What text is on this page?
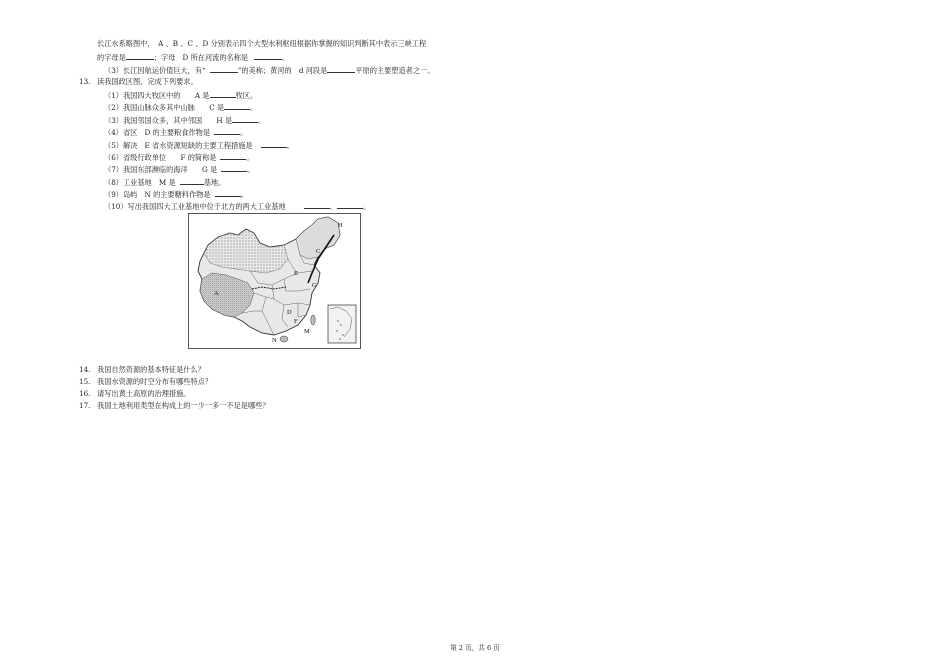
长江水系略图中，　A 、B 、C 、D 分别表示四个大型水利枢纽根据你掌握的知识判断其中表示三峡工程
的字母是	；字母　D 所在河流的名称是	。
（3）长江因航运价值巨大，有“	”的美称；黄河的　d 河段是	平原的主要塑造者之一。
13. 读我国政区图，完成下列要求。
（1）我国四大牧区中的　　A 是	牧区。
（2）我国山脉众多其中山脉　　C 是	。
（3）我国邻国众多，其中邻国　　H 是	。
（4）省区　D 的主要粮食作物是	。
（5）解决　E 省水资源短缺的主要工程措施是	。
（6）省级行政单位　　F 的简称是	。
（7）我国东部濒临的海洋　　G 是	。
（8）工业基地　M 是	基地。
（9）岛屿　N 的主要糖料作物是	。
（10）写出我国四大工业基地中位于北方的两大工业基地	、	。
H
C
A
E
G
D
F
M
N
14. 我国自然资源的基本特征是什么？
15. 我国水资源的时空分布有哪些特点？
16. 请写出黄土高原的治理措施。
17. 我国土地利用类型在构成上的一少一多一不足是哪些？
第 2 页，共 6 页
